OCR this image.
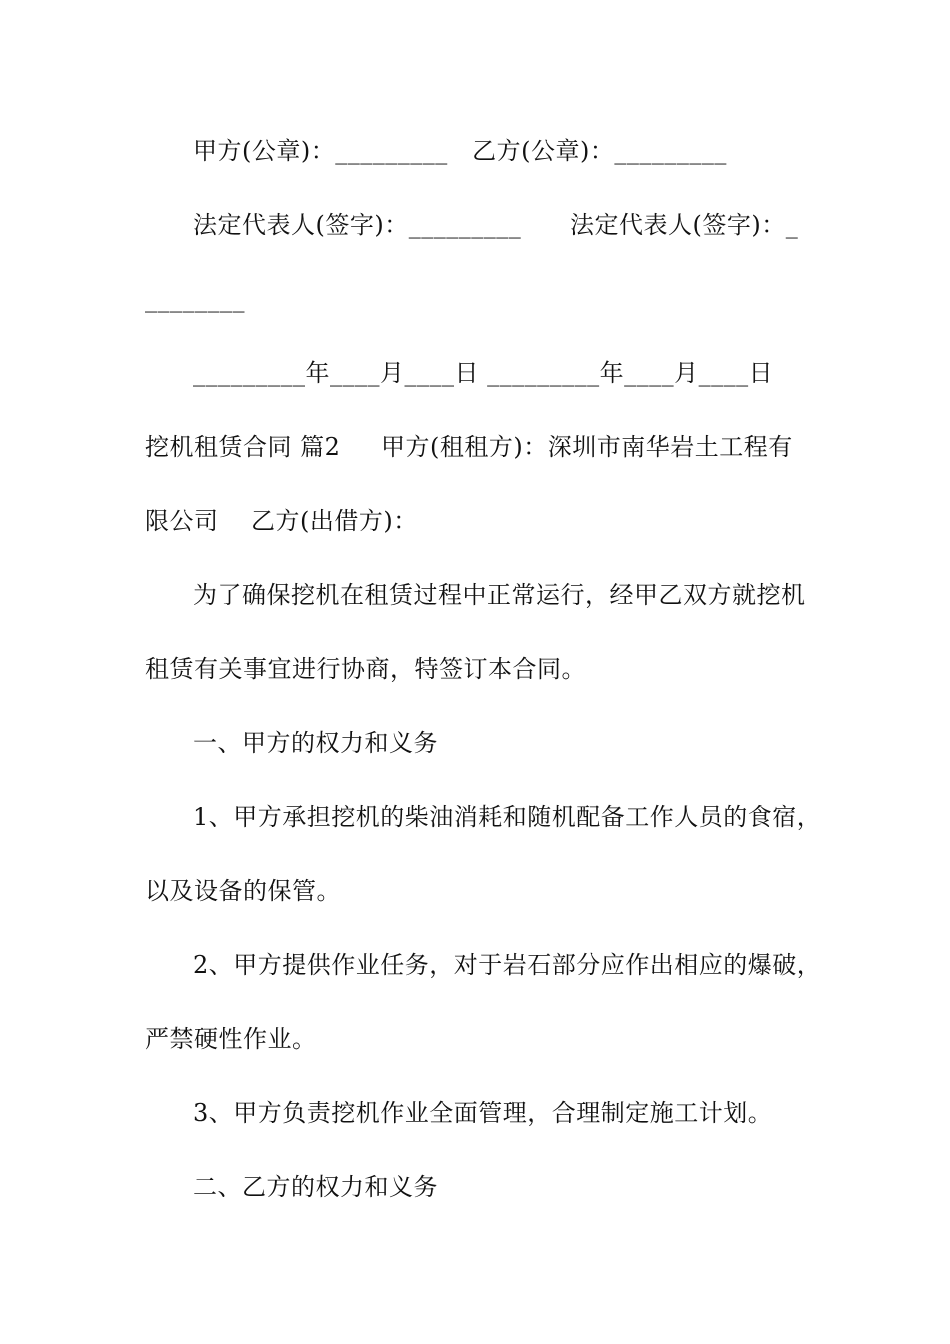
甲方(公章)：_________   乙方(公章)：_________
法定代表人(签字)：_________      法定代表人(签字)：_
________
_________年____月____日 _________年____月____日
挖机租赁合同 篇2     甲方(租租方)：深圳市南华岩土工程有
限公司    乙方(出借方)：
为了确保挖机在租赁过程中正常运行，经甲乙双方就挖机
租赁有关事宜进行协商，特签订本合同。
一、甲方的权力和义务
1、甲方承担挖机的柴油消耗和随机配备工作人员的食宿，
以及设备的保管。
2、甲方提供作业任务，对于岩石部分应作出相应的爆破，
严禁硬性作业。
3、甲方负责挖机作业全面管理，合理制定施工计划。
二、乙方的权力和义务
